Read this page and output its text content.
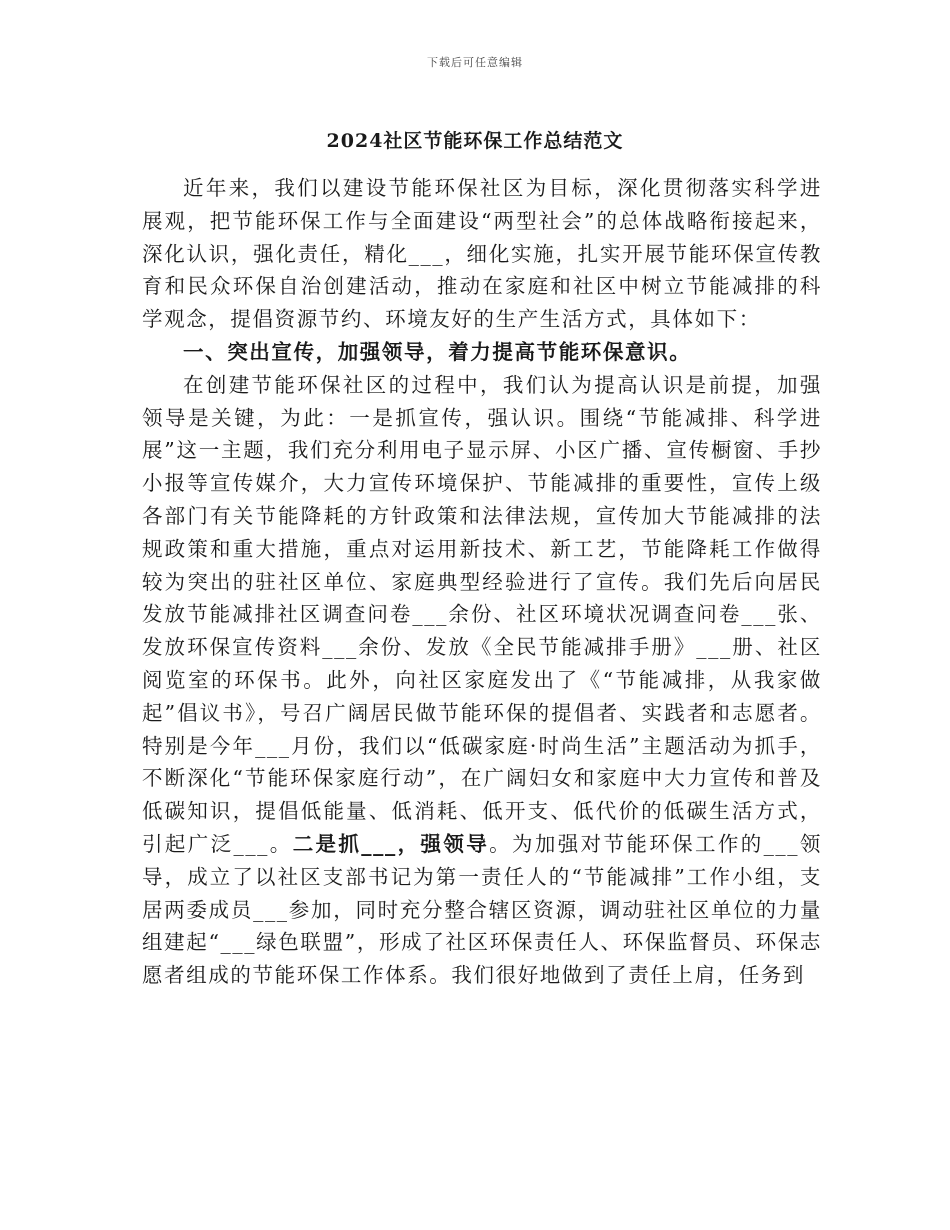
下载后可任意编辑
2024社区节能环保工作总结范文

近年来，我们以建设节能环保社区为目标，深化贯彻落实科学进展观，把节能环保工作与全面建设“两型社会”的总体战略衔接起来，深化认识，强化责任，精化___，细化实施，扎实开展节能环保宣传教育和民众环保自治创建活动，推动在家庭和社区中树立节能减排的科学观念，提倡资源节约、环境友好的生产生活方式，具体如下：

一、突出宣传，加强领导，着力提高节能环保意识。

在创建节能环保社区的过程中，我们认为提高认识是前提，加强领导是关键，为此：一是抓宣传，强认识。围绕“节能减排、科学进展”这一主题，我们充分利用电子显示屏、小区广播、宣传橱窗、手抄小报等宣传媒介，大力宣传环境保护、节能减排的重要性，宣传上级各部门有关节能降耗的方针政策和法律法规，宣传加大节能减排的法规政策和重大措施，重点对运用新技术、新工艺，节能降耗工作做得较为突出的驻社区单位、家庭典型经验进行了宣传。我们先后向居民发放节能减排社区调查问卷___余份、社区环境状况调查问卷___张、发放环保宣传资料___余份、发放《全民节能减排手册》___册、社区阅览室的环保书。此外，向社区家庭发出了《“节能减排，从我家做起”倡议书》，号召广阔居民做节能环保的提倡者、实践者和志愿者。特别是今年___月份，我们以“低碳家庭·时尚生活”主题活动为抓手，不断深化“节能环保家庭行动”，在广阔妇女和家庭中大力宣传和普及低碳知识，提倡低能量、低消耗、低开支、低代价的低碳生活方式，引起广泛___。二是抓___，强领导。为加强对节能环保工作的___领导，成立了以社区支部书记为第一责任人的“节能减排”工作小组，支居两委成员___参加，同时充分整合辖区资源，调动驻社区单位的力量组建起“___绿色联盟”，形成了社区环保责任人、环保监督员、环保志愿者组成的节能环保工作体系。我们很好地做到了责任上肩，任务到
